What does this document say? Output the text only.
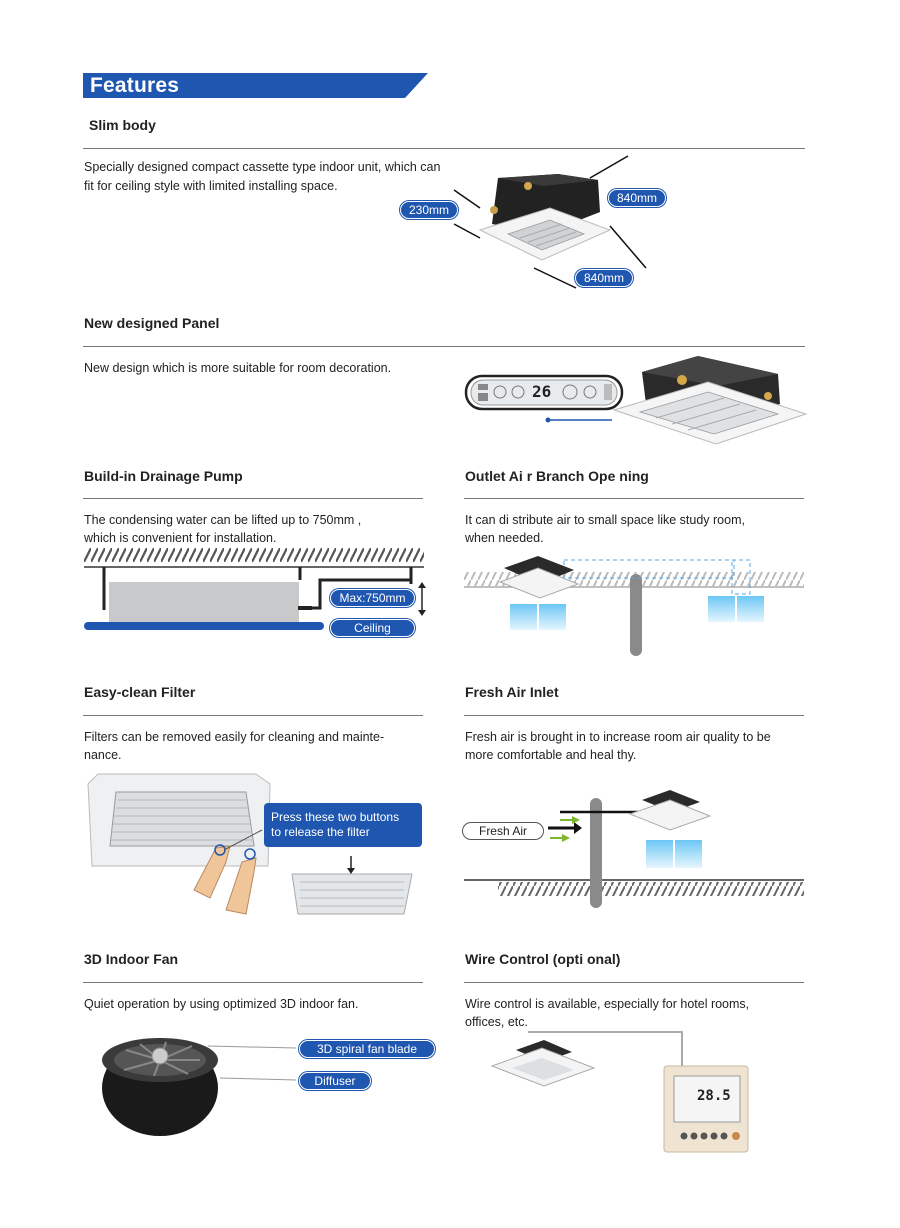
Features
Slim body
Specially designed compact cassette type indoor unit, which can
fit for ceiling style with limited installing space.
230mm
840mm
840mm
New designed Panel
New design which is more suitable for room decoration.
26
Build-in Drainage Pump
The condensing water can be lifted up to 750mm ,
which is convenient for installation.
Max:750mm
Ceiling
Outlet Ai r Branch Ope ning
It can di stribute air to small space like study room,
when needed.
Easy-clean Filter
Filters can be removed easily for cleaning and mainte-
nance.
Press these two buttons
to release the filter
Fresh Air Inlet
Fresh air is brought in to increase room air quality to be
more comfortable and heal thy.
Fresh Air
3D Indoor Fan
Quiet operation by using optimized 3D indoor fan.
3D spiral fan blade
Diffuser
Wire Control (opti onal)
Wire control is available, especially for hotel rooms,
offices, etc.
28.5
